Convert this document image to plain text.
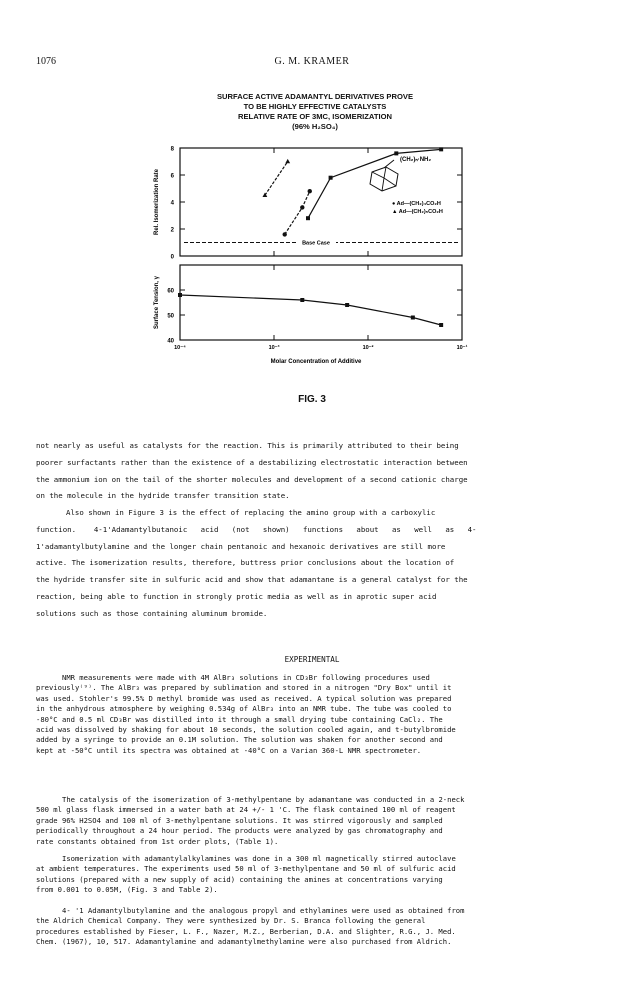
1076	G. M. KRAMER
SURFACE ACTIVE ADAMANTYL DERIVATIVES PROVE
TO BE HIGHLY EFFECTIVE CATALYSTS
RELATIVE RATE OF 3MC, ISOMERIZATION
(96% H₂SO₄)
0
2
4
6
8
Rel. Isomerization Rate
Base Case
40
50
60
Surface Tension, γ
10⁻⁴	10⁻³	10⁻²	10⁻¹
Molar Concentration of Additive
(CH₂)ₙ·NH₂
● Ad—(CH₂)₄CO₂H
▲ Ad—(CH₂)₅CO₂H
FIG. 3

not nearly as useful as catalysts for the reaction. This is primarily attributed to their being

poorer surfactants rather than the existence of a destabilizing electrostatic interaction between

the ammonium ion on the tail of the shorter molecules and development of a second cationic charge

on the molecule in the hydride transfer transition state.

Also shown in Figure 3 is the effect of replacing the amino group with a carboxylic

function.    4-1'Adamantylbutanoic   acid   (not   shown)   functions   about   as   well   as   4-

1'adamantylbutylamine and the longer chain pentanoic and hexanoic derivatives are still more

active. The isomerization results, therefore, buttress prior conclusions about the location of

the hydride transfer site in sulfuric acid and show that adamantane is a general catalyst for the

reaction, being able to function in strongly protic media as well as in aprotic super acid

solutions such as those containing aluminum bromide.

EXPERIMENTAL
NMR measurements were made with 4M AlBr₃ solutions in CD₃Br following procedures used
previously⁽⁹⁾. The AlBr₃ was prepared by sublimation and stored in a nitrogen "Dry Box" until it
was used. Stohler's 99.5% D methyl bromide was used as received. A typical solution was prepared
in the anhydrous atmosphere by weighing 0.534g of AlBr₃ into an NMR tube. The tube was cooled to
-80°C and 0.5 ml CD₃Br was distilled into it through a small drying tube containing CaCl₂. The
acid was dissolved by shaking for about 10 seconds, the solution cooled again, and t-butylbromide
added by a syringe to provide an 0.1M solution. The solution was shaken for another second and
kept at -50°C until its spectra was obtained at -40°C on a Varian 360-L NMR spectrometer.
The catalysis of the isomerization of 3-methylpentane by adamantane was conducted in a 2-neck
500 ml glass flask immersed in a water bath at 24 +/- 1 'C. The flask contained 100 ml of reagent
grade 96% H2SO4 and 100 ml of 3-methylpentane solutions. It was stirred vigorously and sampled
periodically throughout a 24 hour period. The products were analyzed by gas chromatography and
rate constants obtained from 1st order plots, (Table 1).
Isomerization with adamantylalkylamines was done in a 300 ml magnetically stirred autoclave
at ambient temperatures. The experiments used 50 ml of 3-methylpentane and 50 ml of sulfuric acid
solutions (prepared with a new supply of acid) containing the amines at concentrations varying
from 0.001 to 0.05M, (Fig. 3 and Table 2).
4- '1 Adamantylbutylamine and the analogous propyl and ethylamines were used as obtained from
the Aldrich Chemical Company. They were synthesized by Dr. S. Branca following the general
procedures established by Fieser, L. F., Nazer, M.Z., Berberian, D.A. and Slighter, R.G., J. Med.
Chem. (1967), 10, 517. Adamantylamine and adamantylmethylamine were also purchased from Aldrich.
